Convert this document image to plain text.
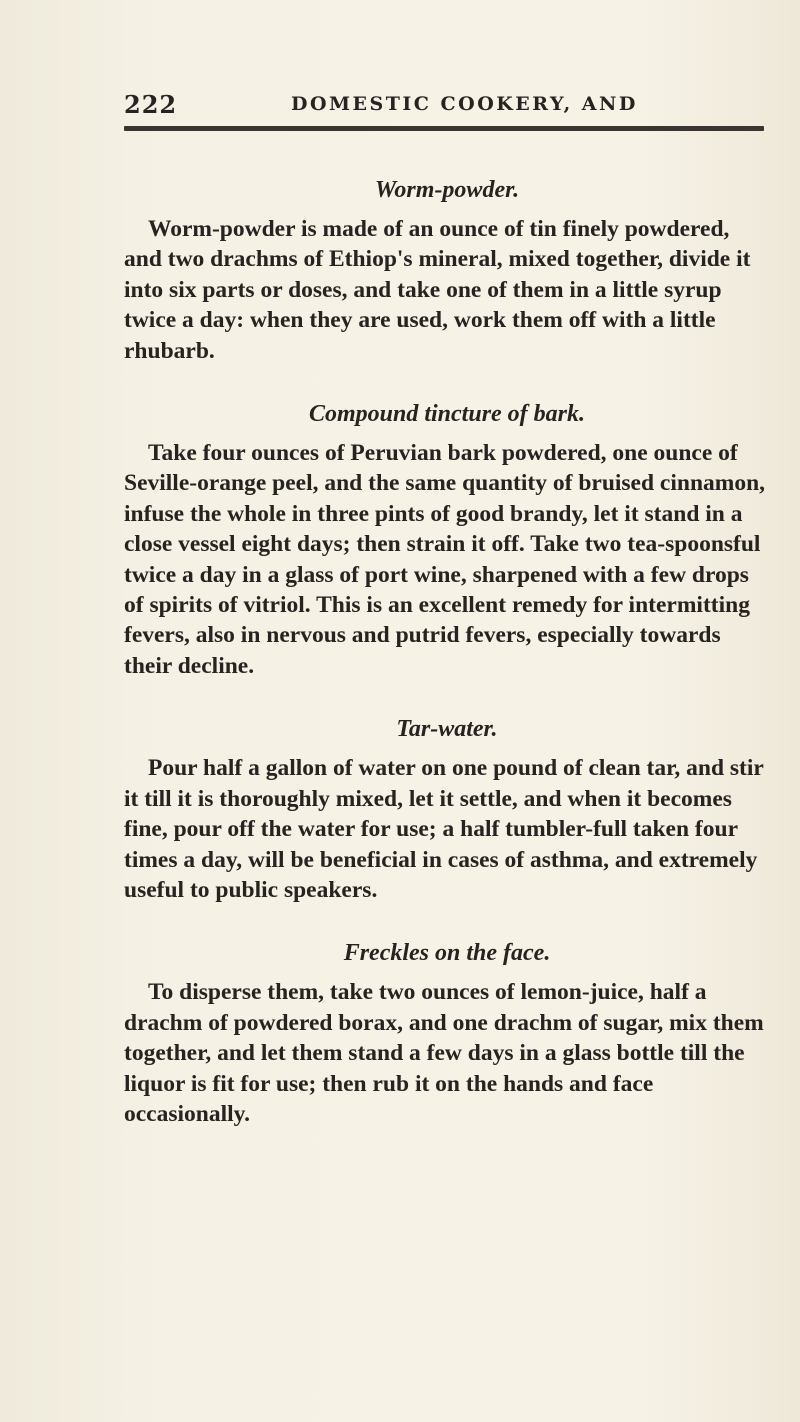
222	DOMESTIC COOKERY, AND
Worm-powder.

Worm-powder is made of an ounce of tin finely powdered, and two drachms of Ethiop's mineral, mixed together, divide it into six parts or doses, and take one of them in a little syrup twice a day: when they are used, work them off with a little rhubarb.

Compound tincture of bark.

Take four ounces of Peruvian bark powdered, one ounce of Seville-orange peel, and the same quantity of bruised cinnamon, infuse the whole in three pints of good brandy, let it stand in a close vessel eight days; then strain it off. Take two tea-spoonsful twice a day in a glass of port wine, sharpened with a few drops of spirits of vitriol. This is an excellent remedy for intermitting fevers, also in nervous and putrid fevers, especially towards their decline.

Tar-water.

Pour half a gallon of water on one pound of clean tar, and stir it till it is thoroughly mixed, let it settle, and when it becomes fine, pour off the water for use; a half tumbler-full taken four times a day, will be beneficial in cases of asthma, and extremely useful to public speakers.

Freckles on the face.

To disperse them, take two ounces of lemon-juice, half a drachm of powdered borax, and one drachm of sugar, mix them together, and let them stand a few days in a glass bottle till the liquor is fit for use; then rub it on the hands and face occasionally.
